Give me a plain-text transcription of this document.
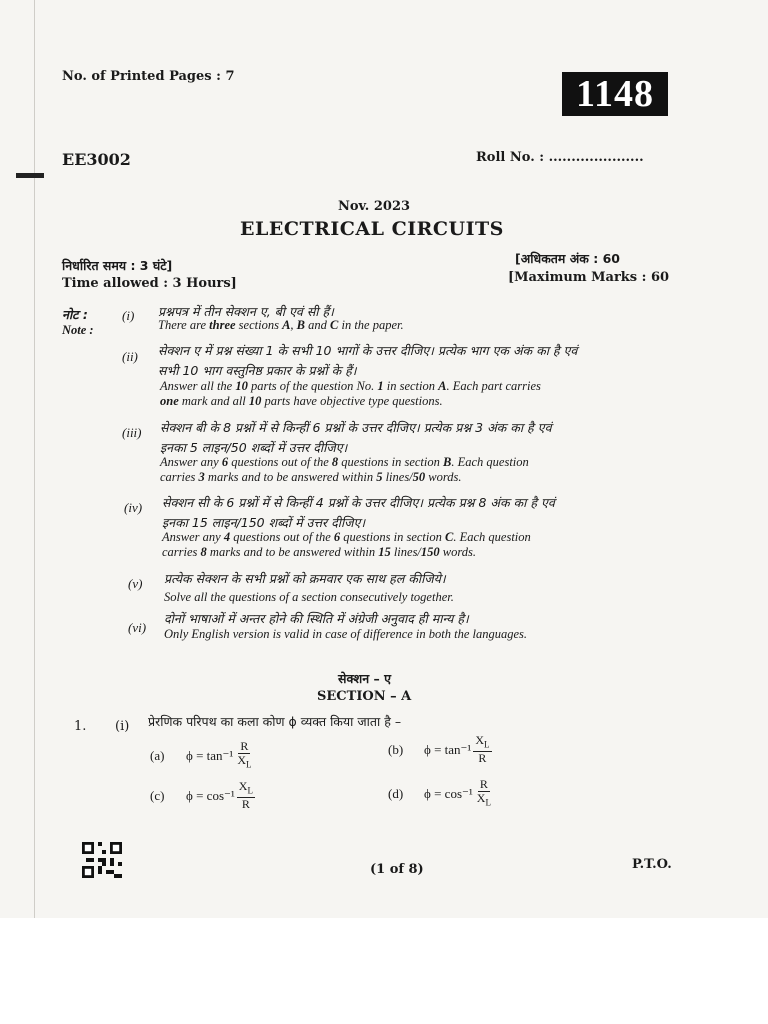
No. of Printed Pages : 7	1148
EE3002	Roll No. : .....................
Nov. 2023
ELECTRICAL CIRCUITS
निर्धारित समय : 3 घंटे]
Time allowed : 3 Hours]
[अधिकतम अंक : 60
[Maximum Marks : 60
नोट :
Note :
(i) प्रश्नपत्र में तीन सेक्शन ए, बी एवं सी हैं।
There are three sections A, B and C in the paper.
(ii) सेक्शन ए में प्रश्न संख्या 1 के सभी 10 भागों के उत्तर दीजिए। प्रत्येक भाग एक अंक का है एवं
सभी 10 भाग वस्तुनिष्ठ प्रकार के प्रश्नों के हैं।
Answer all the 10 parts of the question No. 1 in section A. Each part carries
one mark and all 10 parts have objective type questions.
(iii) सेक्शन बी के 8 प्रश्नों में से किन्हीं 6 प्रश्नों के उत्तर दीजिए। प्रत्येक प्रश्न 3 अंक का है एवं
इनका 5 लाइन/50 शब्दों में उत्तर दीजिए।
Answer any 6 questions out of the 8 questions in section B. Each question
carries 3 marks and to be answered within 5 lines/50 words.
(iv) सेक्शन सी के 6 प्रश्नों में से किन्हीं 4 प्रश्नों के उत्तर दीजिए। प्रत्येक प्रश्न 8 अंक का है एवं
इनका 15 लाइन/150 शब्दों में उत्तर दीजिए।
Answer any 4 questions out of the 6 questions in section C. Each question
carries 8 marks and to be answered within 15 lines/150 words.
(v) प्रत्येक सेक्शन के सभी प्रश्नों को क्रमवार एक साथ हल कीजिये।
Solve all the questions of a section consecutively together.
(vi)
दोनों भाषाओं में अन्तर होने की स्थिति में अंग्रेजी अनुवाद ही मान्य है।
Only English version is valid in case of difference in both the languages.
सेक्शन – ए
SECTION – A
1. (i) प्रेरणिक परिपथ का कला कोण ϕ व्यक्त किया जाता है –
(a)	$\phi = \tan^{-1} \frac{R}{X_L}$	(b)	$\phi = \tan^{-1} \frac{X_L}{R}$
(c)	$\phi = \cos^{-1} \frac{X_L}{R}$	(d)	$\phi = \cos^{-1} \frac{R}{X_L}$
(1 of 8)	P.T.O.
